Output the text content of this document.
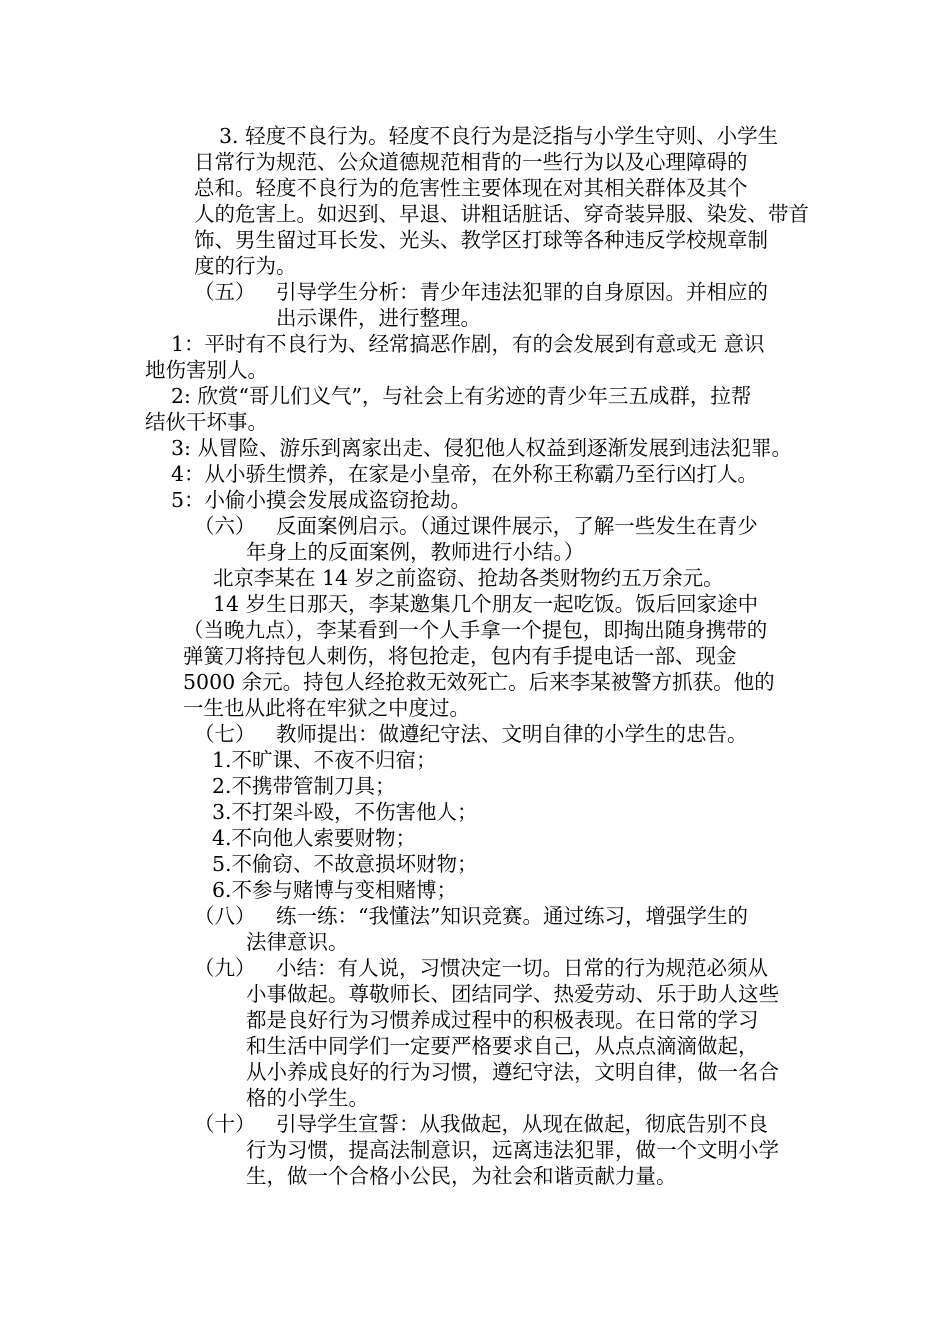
3. 轻度不良行为。轻度不良行为是泛指与小学生守则、小学生
日常行为规范、公众道德规范相背的一些行为以及心理障碍的
总和。轻度不良行为的危害性主要体现在对其相关群体及其个
人的危害上。如迟到、早退、讲粗话脏话、穿奇装异服、染发、带首
饰、男生留过耳长发、光头、教学区打球等各种违反学校规章制
度的行为。
（五） 引导学生分析：青少年违法犯罪的自身原因。并相应的
出示课件，进行整理。
1：平时有不良行为、经常搞恶作剧，有的会发展到有意或无 意识
地伤害别人。
2: 欣赏“哥儿们义气”，与社会上有劣迹的青少年三五成群，拉帮
结伙干坏事。
3: 从冒险、游乐到离家出走、侵犯他人权益到逐渐发展到违法犯罪。
4：从小骄生惯养，在家是小皇帝，在外称王称霸乃至行凶打人。
5：小偷小摸会发展成盗窃抢劫。
（六） 反面案例启示。（通过课件展示，了解一些发生在青少
年身上的反面案例，教师进行小结。）
北京李某在 14 岁之前盗窃、抢劫各类财物约五万余元。
14 岁生日那天，李某邀集几个朋友一起吃饭。饭后回家途中
（当晚九点），李某看到一个人手拿一个提包，即掏出随身携带的
弹簧刀将持包人刺伤，将包抢走，包内有手提电话一部、现金
5000 余元。持包人经抢救无效死亡。后来李某被警方抓获。他的
一生也从此将在牢狱之中度过。
（七） 教师提出：做遵纪守法、文明自律的小学生的忠告。
1.不旷课、不夜不归宿；
2.不携带管制刀具；
3.不打架斗殴，不伤害他人；
4.不向他人索要财物；
5.不偷窃、不故意损坏财物；
6.不参与赌博与变相赌博；
（八） 练一练：“我懂法”知识竞赛。通过练习，增强学生的
法律意识。
（九） 小结：有人说，习惯决定一切。日常的行为规范必须从
小事做起。尊敬师长、团结同学、热爱劳动、乐于助人这些
都是良好行为习惯养成过程中的积极表现。在日常的学习
和生活中同学们一定要严格要求自己，从点点滴滴做起，
从小养成良好的行为习惯，遵纪守法，文明自律，做一名合
格的小学生。
（十） 引导学生宣誓：从我做起，从现在做起，彻底告别不良
行为习惯，提高法制意识，远离违法犯罪，做一个文明小学
生，做一个合格小公民，为社会和谐贡献力量。
